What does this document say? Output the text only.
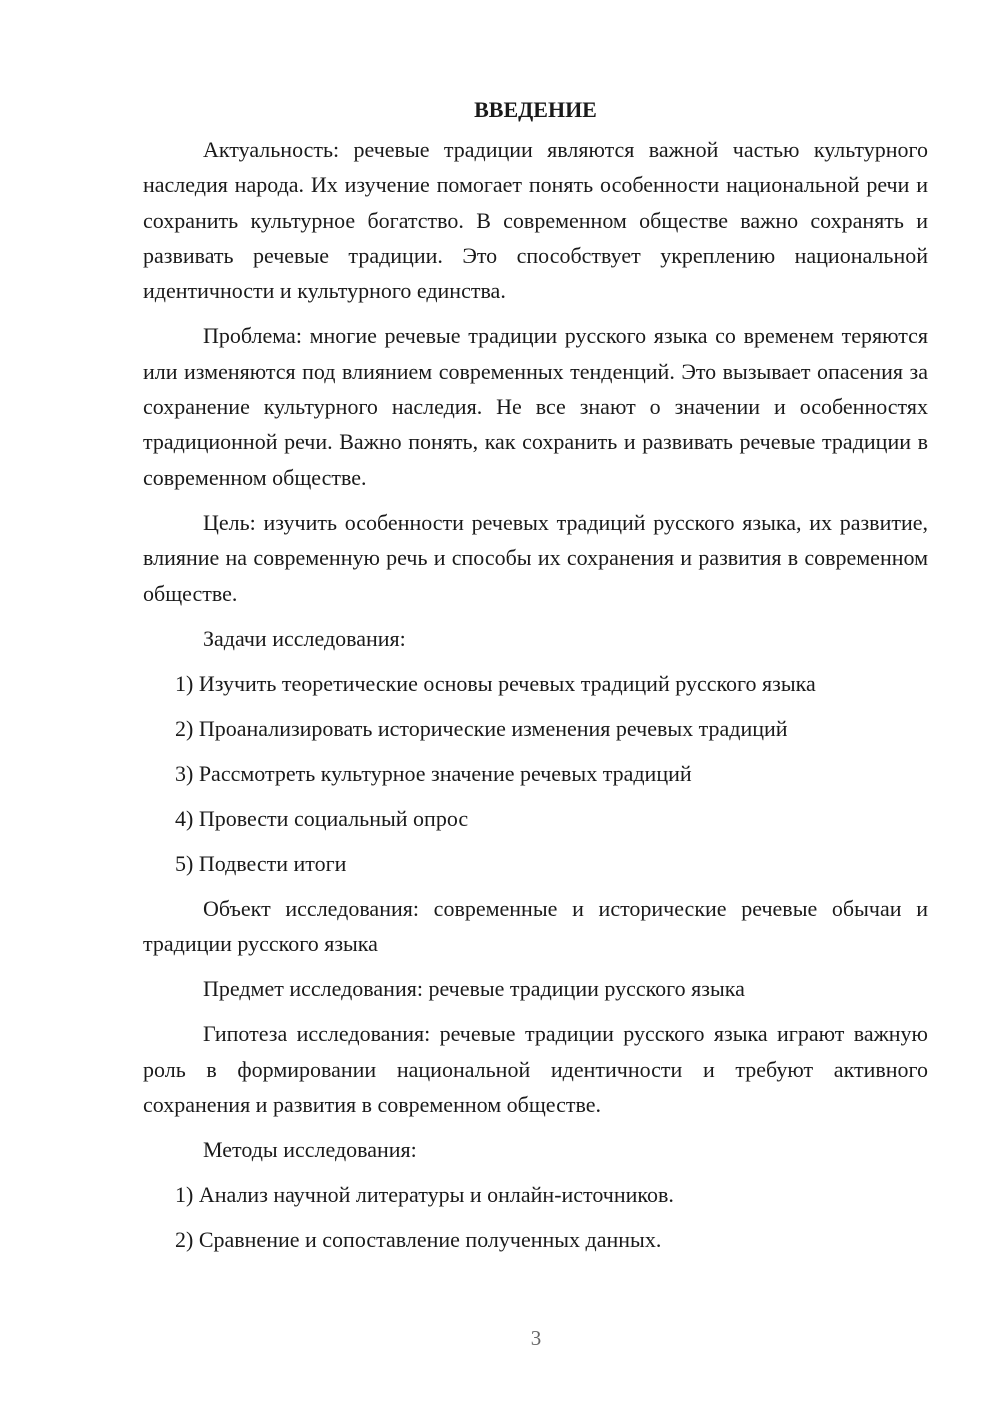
ВВЕДЕНИЕ

Актуальность: речевые традиции являются важной частью культурного наследия народа. Их изучение помогает понять особенности национальной речи и сохранить культурное богатство. В современном обществе важно сохранять и развивать речевые традиции. Это способствует укреплению национальной идентичности и культурного единства.

Проблема: многие речевые традиции русского языка со временем теряются или изменяются под влиянием современных тенденций. Это вызывает опасения за сохранение культурного наследия. Не все знают о значении и особенностях традиционной речи. Важно понять, как сохранить и развивать речевые традиции в современном обществе.

Цель: изучить особенности речевых традиций русского языка, их развитие, влияние на современную речь и способы их сохранения и развития в современном обществе.

Задачи исследования:
1) Изучить теоретические основы речевых традиций русского языка
2) Проанализировать исторические изменения речевых традиций
3) Рассмотреть культурное значение речевых традиций
4) Провести социальный опрос
5) Подвести итоги

Объект исследования: современные и исторические речевые обычаи и традиции русского языка

Предмет исследования: речевые традиции русского языка

Гипотеза исследования: речевые традиции русского языка играют важную роль в формировании национальной идентичности и требуют активного сохранения и развития в современном обществе.

Методы исследования:
1) Анализ научной литературы и онлайн-источников.
2) Сравнение и сопоставление полученных данных.
3
